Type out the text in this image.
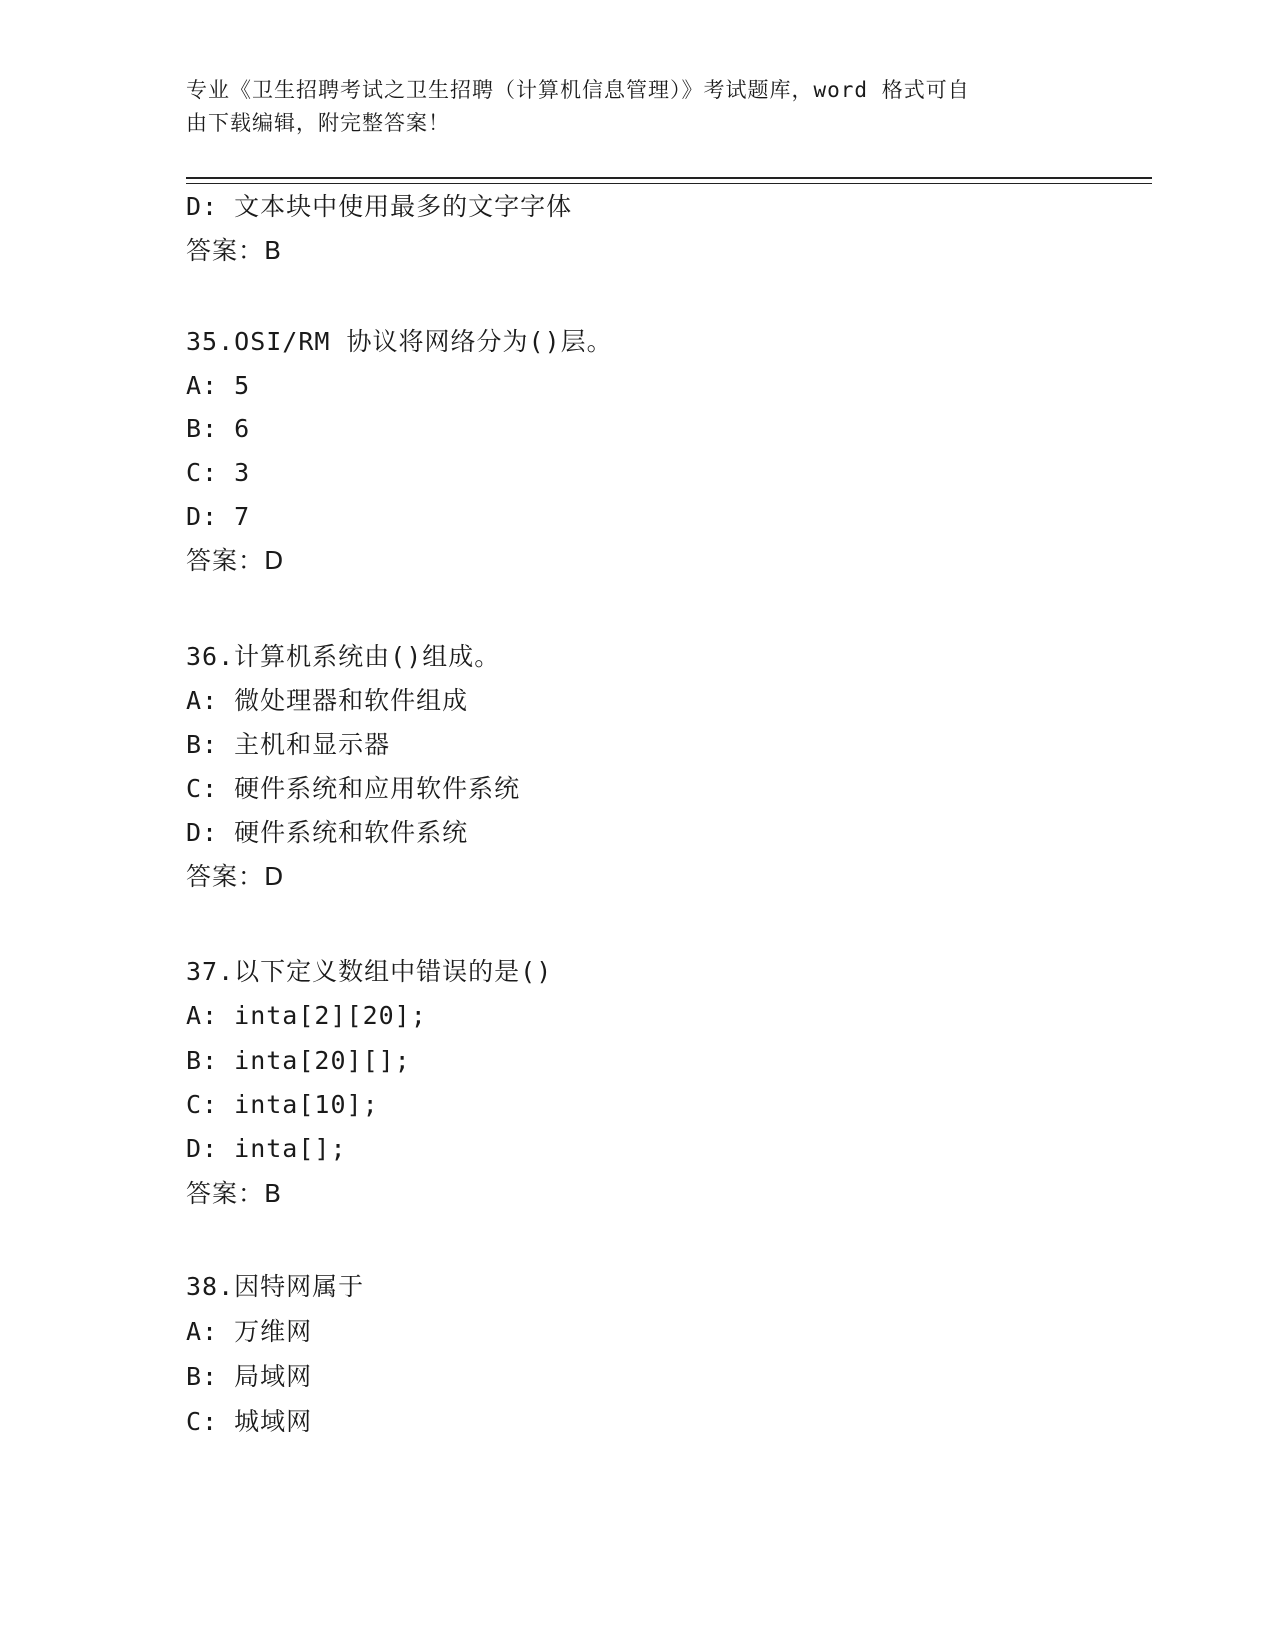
专业《卫生招聘考试之卫生招聘（计算机信息管理）》考试题库，word 格式可自
由下载编辑，附完整答案！
D: 文本块中使用最多的文字字体
答案：B
35.OSI/RM 协议将网络分为()层。
A: 5
B: 6
C: 3
D: 7
答案：D
36.计算机系统由()组成。
A: 微处理器和软件组成
B: 主机和显示器
C: 硬件系统和应用软件系统
D: 硬件系统和软件系统
答案：D
37.以下定义数组中错误的是()
A: inta[2][20];
B: inta[20][];
C: inta[10];
D: inta[];
答案：B
38.因特网属于
A: 万维网
B: 局域网
C: 城域网
